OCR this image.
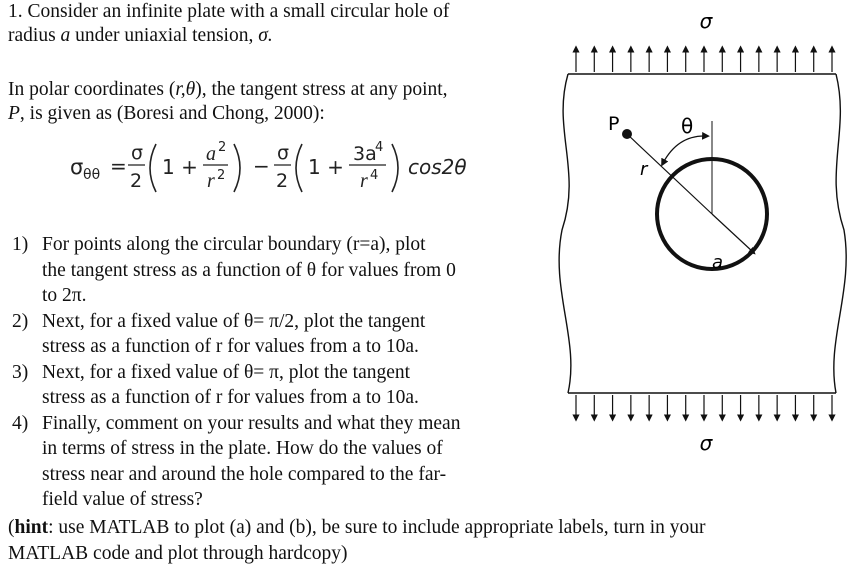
1. Consider an infinite plate with a small circular hole of
radius a under uniaxial tension, σ.
In polar coordinates (r,θ), the tangent stress at any point,
P, is given as (Boresi and Chong, 2000):
σ θθ =
σ
2
1 +
a 2
r 2 −
σ
2
1 +
3a
4
r 4 cos2θ
1) For points along the circular boundary (r=a), plot
the tangent stress as a function of θ for values from 0
to 2π.
2) Next, for a fixed value of θ= π/2, plot the tangent
stress as a function of r for values from a to 10a.
3) Next, for a fixed value of θ= π, plot the tangent
stress as a function of r for values from a to 10a.
4) Finally, comment on your results and what they mean
in terms of stress in the plate. How do the values of
stress near and around the hole compared to the far-
field value of stress?
(hint: use MATLAB to plot (a) and (b), be sure to include appropriate labels, turn in your
MATLAB code and plot through hardcopy)
σ
σ
P	θ
r
a
